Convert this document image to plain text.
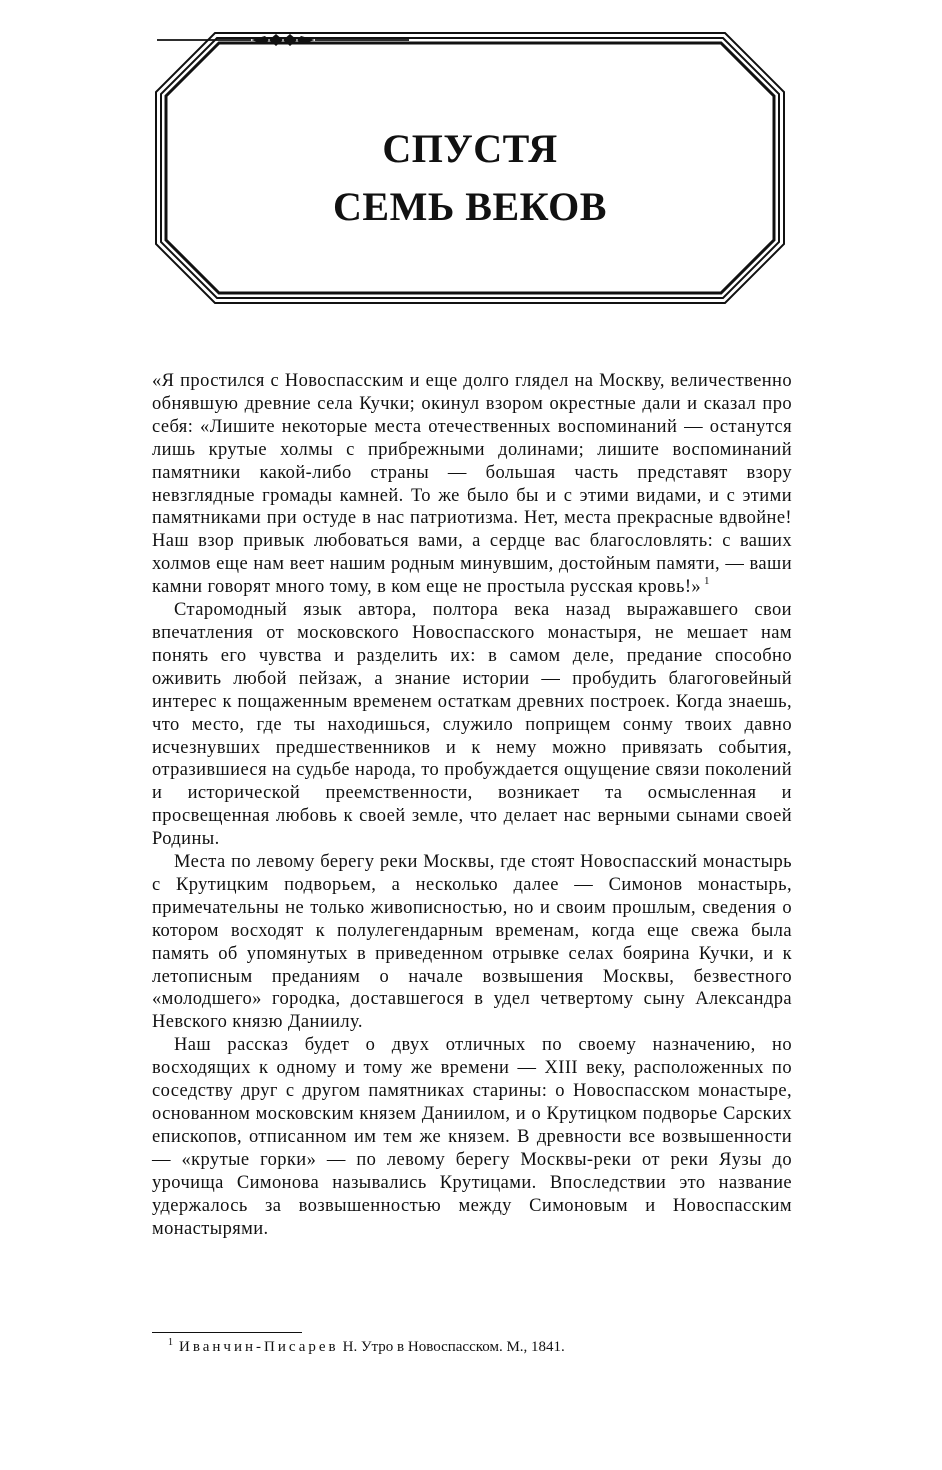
СПУСТЯ
СЕМЬ ВЕКОВ

«Я простился с Новоспасским и еще долго глядел на Москву, величественно обнявшую древние села Кучки; окинул взором окрестные дали и сказал про себя: «Лишите некоторые места отечественных воспоминаний — останутся лишь крутые холмы с прибрежными долинами; лишите воспоминаний памятники какой-либо страны — большая часть представят взору невзглядные громады камней. То же было бы и с этими видами, и с этими памятниками при остуде в нас патриотизма. Нет, места прекрасные вдвойне! Наш взор привык любоваться вами, а сердце вас благословлять: с ваших холмов еще нам веет нашим родным минувшим, достойным памяти, — ваши камни говорят много тому, в ком еще не простыла русская кровь!» $^1$

Старомодный язык автора, полтора века назад выражавшего свои впечатления от московского Новоспасского монастыря, не мешает нам понять его чувства и разделить их: в самом деле, предание способно оживить любой пейзаж, а знание истории — пробудить благоговейный интерес к пощаженным временем остаткам древних построек. Когда знаешь, что место, где ты находишься, служило поприщем сонму твоих давно исчезнувших предшественников и к нему можно привязать события, отразившиеся на судьбе народа, то пробуждается ощущение связи поколений и исторической преемственности, возникает та осмысленная и просвещенная любовь к своей земле, что делает нас верными сынами своей Родины.

Места по левому берегу реки Москвы, где стоят Новоспасский монастырь с Крутицким подворьем, а несколько далее — Симонов монастырь, примечательны не только живописностью, но и своим прошлым, сведения о котором восходят к полулегендарным временам, когда еще свежа была память об упомянутых в приведенном отрывке селах боярина Кучки, и к летописным преданиям о начале возвышения Москвы, безвестного «молодшего» городка, доставшегося в удел четвертому сыну Александра Невского князю Даниилу.

Наш рассказ будет о двух отличных по своему назначению, но восходящих к одному и тому же времени — XIII веку, расположенных по соседству друг с другом памятниках старины: о Новоспасском монастыре, основанном московским князем Даниилом, и о Крутицком подворье Сарских епископов, отписанном им тем же князем. В древности все возвышенности — «крутые горки» — по левому берегу Москвы-реки от реки Яузы до урочища Симонова назывались Крутицами. Впоследствии это название удержалось за возвышенностью между Симоновым и Новоспасским монастырями.

$^1$ Иванчин-Писарев Н. Утро в Новоспасском. М., 1841.
